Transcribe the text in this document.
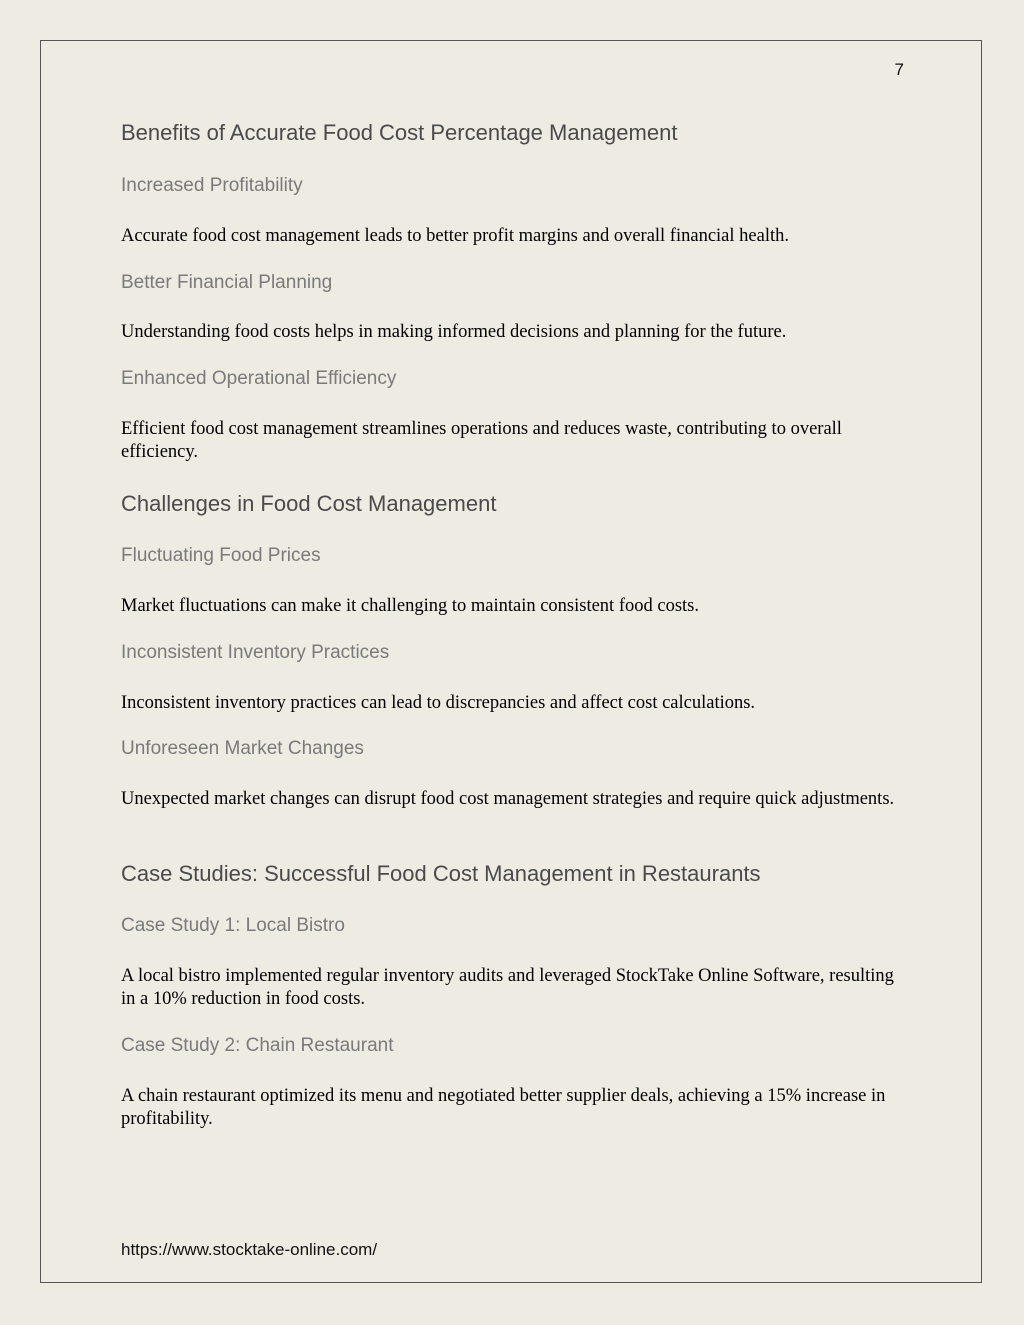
7
Benefits of Accurate Food Cost Percentage Management
Increased Profitability
Accurate food cost management leads to better profit margins and overall financial health.
Better Financial Planning
Understanding food costs helps in making informed decisions and planning for the future.
Enhanced Operational Efficiency
Efficient food cost management streamlines operations and reduces waste, contributing to overall efficiency.
Challenges in Food Cost Management
Fluctuating Food Prices
Market fluctuations can make it challenging to maintain consistent food costs.
Inconsistent Inventory Practices
Inconsistent inventory practices can lead to discrepancies and affect cost calculations.
Unforeseen Market Changes
Unexpected market changes can disrupt food cost management strategies and require quick adjustments.
Case Studies: Successful Food Cost Management in Restaurants
Case Study 1: Local Bistro
A local bistro implemented regular inventory audits and leveraged StockTake Online Software, resulting in a 10% reduction in food costs.
Case Study 2: Chain Restaurant
A chain restaurant optimized its menu and negotiated better supplier deals, achieving a 15% increase in profitability.
https://www.stocktake-online.com/
